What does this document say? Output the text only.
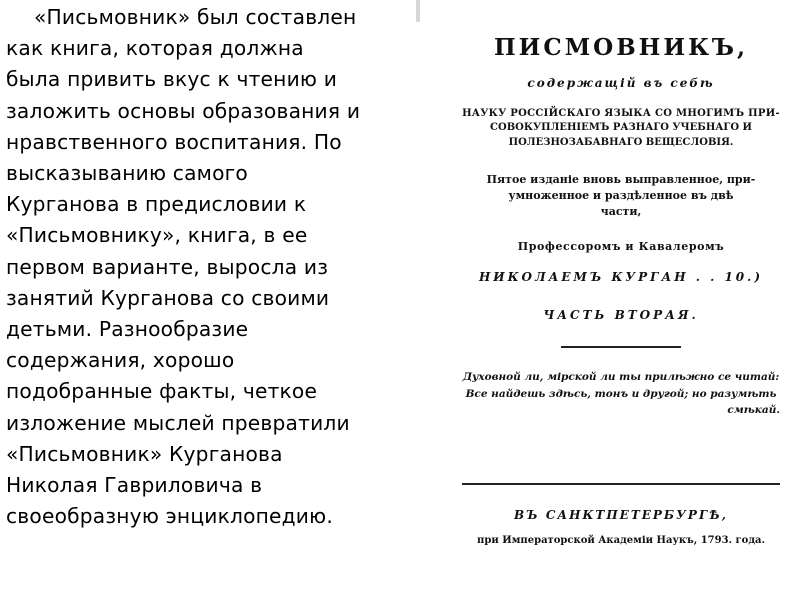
«Письмовник» был составлен
как книга, которая должна
была привить вкус к чтению и
заложить основы образования и
нравственного воспитания. По
высказыванию самого
Курганова в предисловии к
«Письмовнику», книга, в ее
первом варианте, выросла из
занятий Курганова со своими
детьми. Разнообразие
содержания, хорошо
подобранные факты, четкое
изложение мыслей превратили
«Письмовник» Курганова
Николая Гавриловича в
своеобразную энциклопедию.
ПИСМОВНИКЪ,
содержащій въ себѣ
НАУКУ РОССІЙСКАГО ЯЗЫКА СО МНОГИМЪ ПРИ-
СОВОКУПЛЕНІЕМЪ РАЗНАГО УЧЕБНАГО И
ПОЛЕЗНОЗАБАВНАГО ВЕЩЕСЛОВІЯ.
Пятое изданіе вновь выправленное, при-
умноженное и раздѣленное въ двѣ
части,
Профессоромъ и Кавалеромъ
НИКОЛАЕМЪ КУРГАН . . 10.)
ЧАСТЬ ВТОРАЯ.
Духовной ли, мірской ли ты прилѣжно се читай:
Все найдешь здѣсь, тонъ и другой; но разумѣть
смѣкай.
ВЪ САНКТПЕТЕРБУРГѢ,
при Императорской Академіи Наукъ, 1793. года.
